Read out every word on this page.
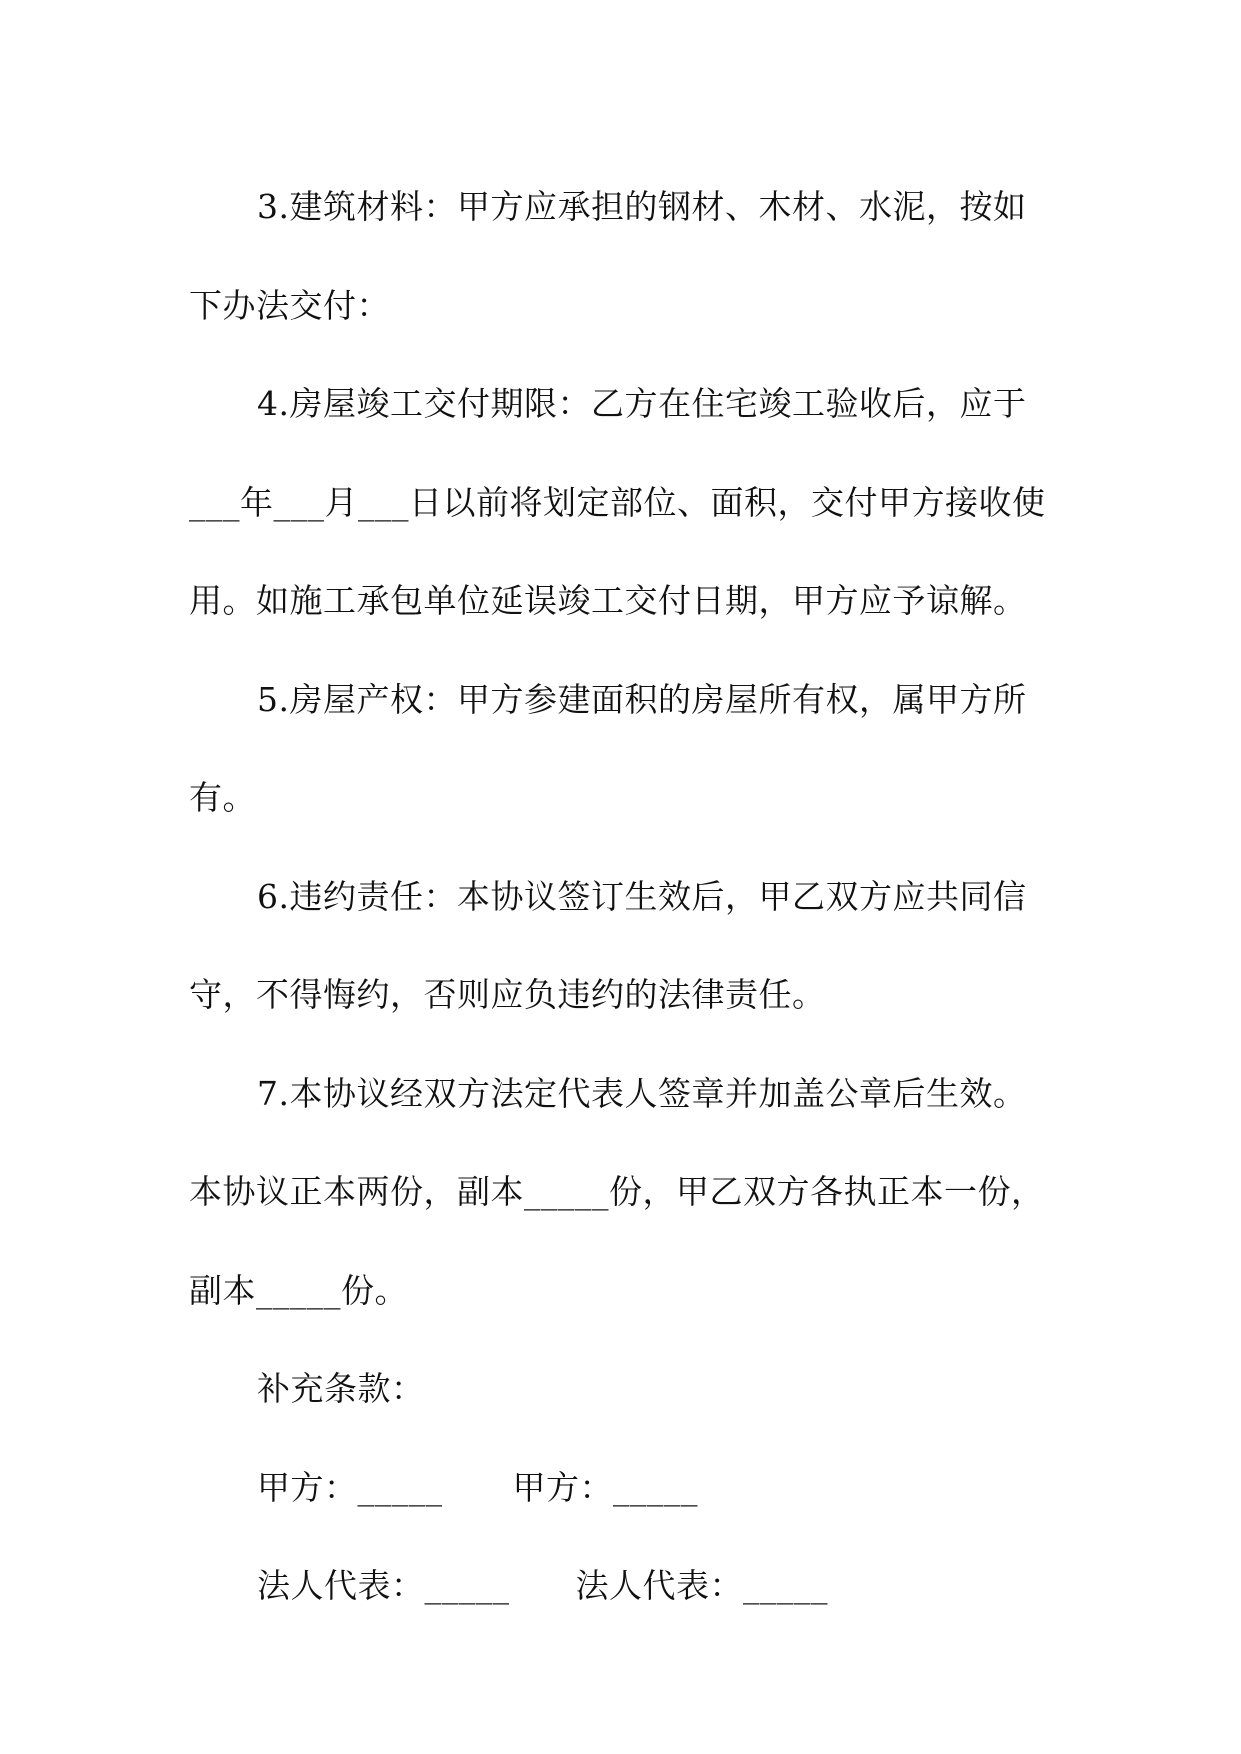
3.建筑材料：甲方应承担的钢材、木材、水泥，按如下办法交付：

4.房屋竣工交付期限：乙方在住宅竣工验收后，应于___年___月___日以前将划定部位、面积，交付甲方接收使用。如施工承包单位延误竣工交付日期，甲方应予谅解。

5.房屋产权：甲方参建面积的房屋所有权，属甲方所有。

6.违约责任：本协议签订生效后，甲乙双方应共同信守，不得悔约，否则应负违约的法律责任。

7.本协议经双方法定代表人签章并加盖公章后生效。本协议正本两份，副本_____份，甲乙双方各执正本一份，副本_____份。

补充条款：

甲方：_____ 甲方：_____

法人代表：_____ 法人代表：_____
